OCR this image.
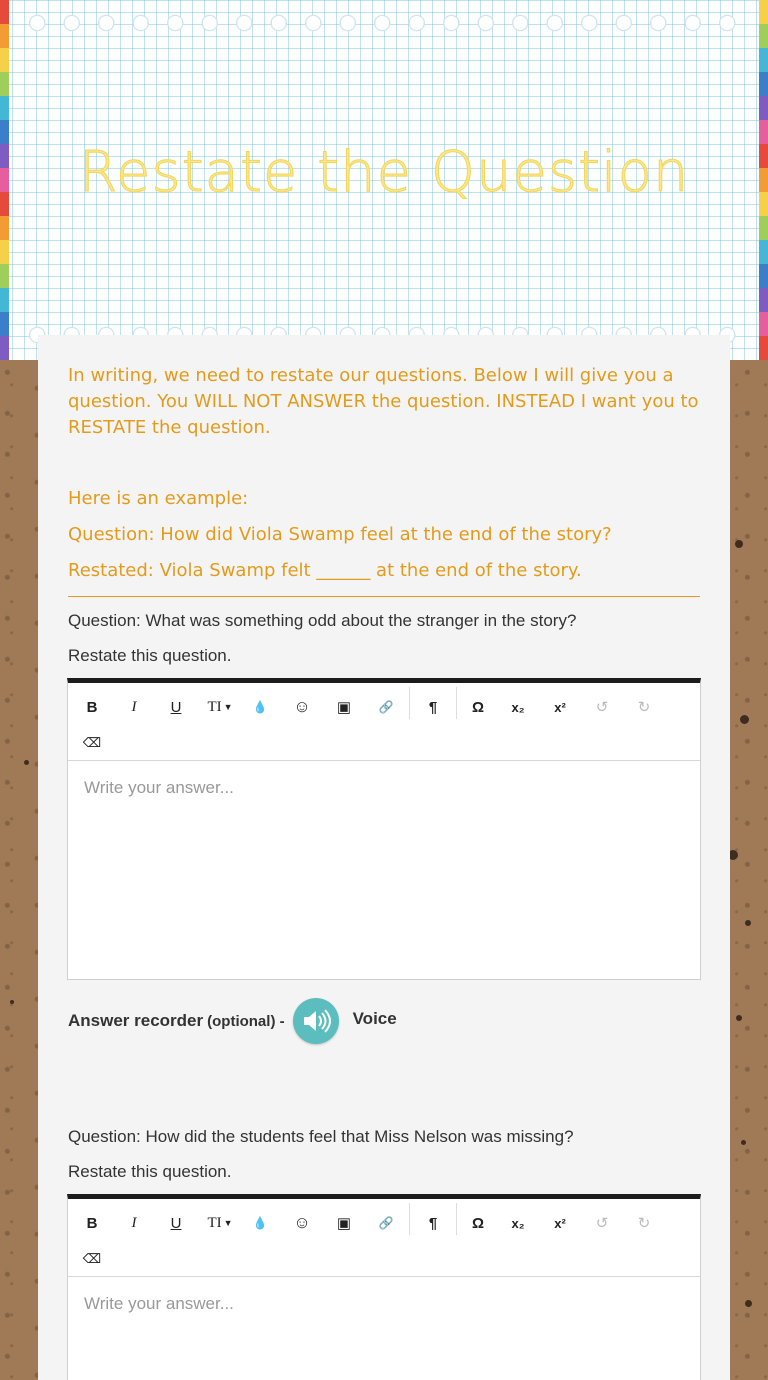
Restate the Question
In writing, we need to restate our questions. Below I will give you a question. You WILL NOT ANSWER the question. INSTEAD I want you to RESTATE the question.
Here is an example:
Question: How did Viola Swamp feel at the end of the story?
Restated: Viola Swamp felt ______ at the end of the story.
Question: What was something odd about the stranger in the story?
Restate this question.
B	I	U	TI ▼	💧	☺	▣	🔗	¶	Ω	x₂	x²	↺	↻
⌫
Write your answer...
Answer recorder (optional) -	Voice
Question: How did the students feel that Miss Nelson was missing?
Restate this question.
B	I	U	TI ▼	💧	☺	▣	🔗	¶	Ω	x₂	x²	↺	↻
⌫
Write your answer...
